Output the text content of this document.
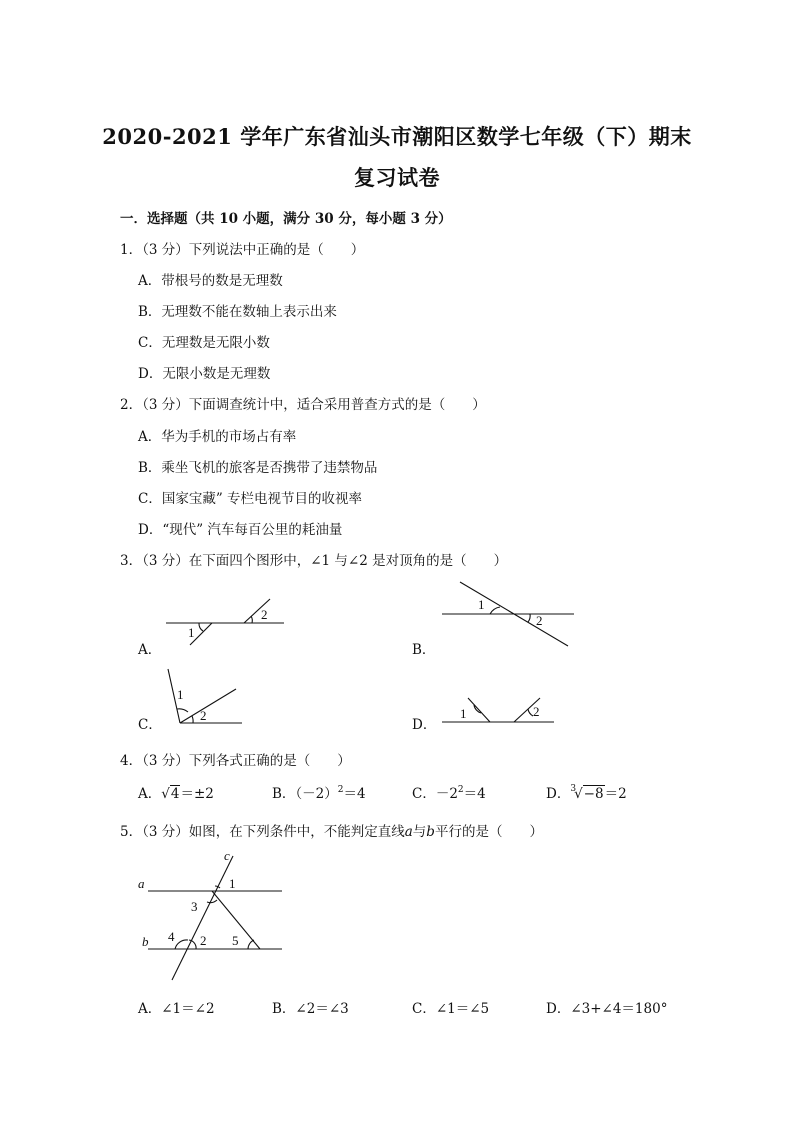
2020-2021 学年广东省汕头市潮阳区数学七年级（下）期末
复习试卷
一．选择题（共 10 小题，满分 30 分，每小题 3 分）
1．（3 分）下列说法中正确的是（　　）
A．带根号的数是无理数
B．无理数不能在数轴上表示出来
C．无理数是无限小数
D．无限小数是无理数
2．（3 分）下面调查统计中，适合采用普查方式的是（　　）
A．华为手机的市场占有率
B．乘坐飞机的旅客是否携带了违禁物品
C．国家宝藏” 专栏电视节目的收视率
D．“现代” 汽车每百公里的耗油量
3．（3 分）在下面四个图形中，∠1 与∠2 是对顶角的是（　　）
1
2
A．
1
2
B．
1
2
C．
1	2
D．
4．（3 分）下列各式正确的是（　　）
A．√4＝±2	B．$(-2)^2=4$	C．$-2^2=4$	D．$^3$√−8＝2
5．（3 分）如图，在下列条件中，不能判定直线a与b平行的是（　　）
c
a
b
1
3
4 2 5
A．∠1＝∠2	B．∠2＝∠3	C．∠1＝∠5	D．∠3+∠4＝180°
